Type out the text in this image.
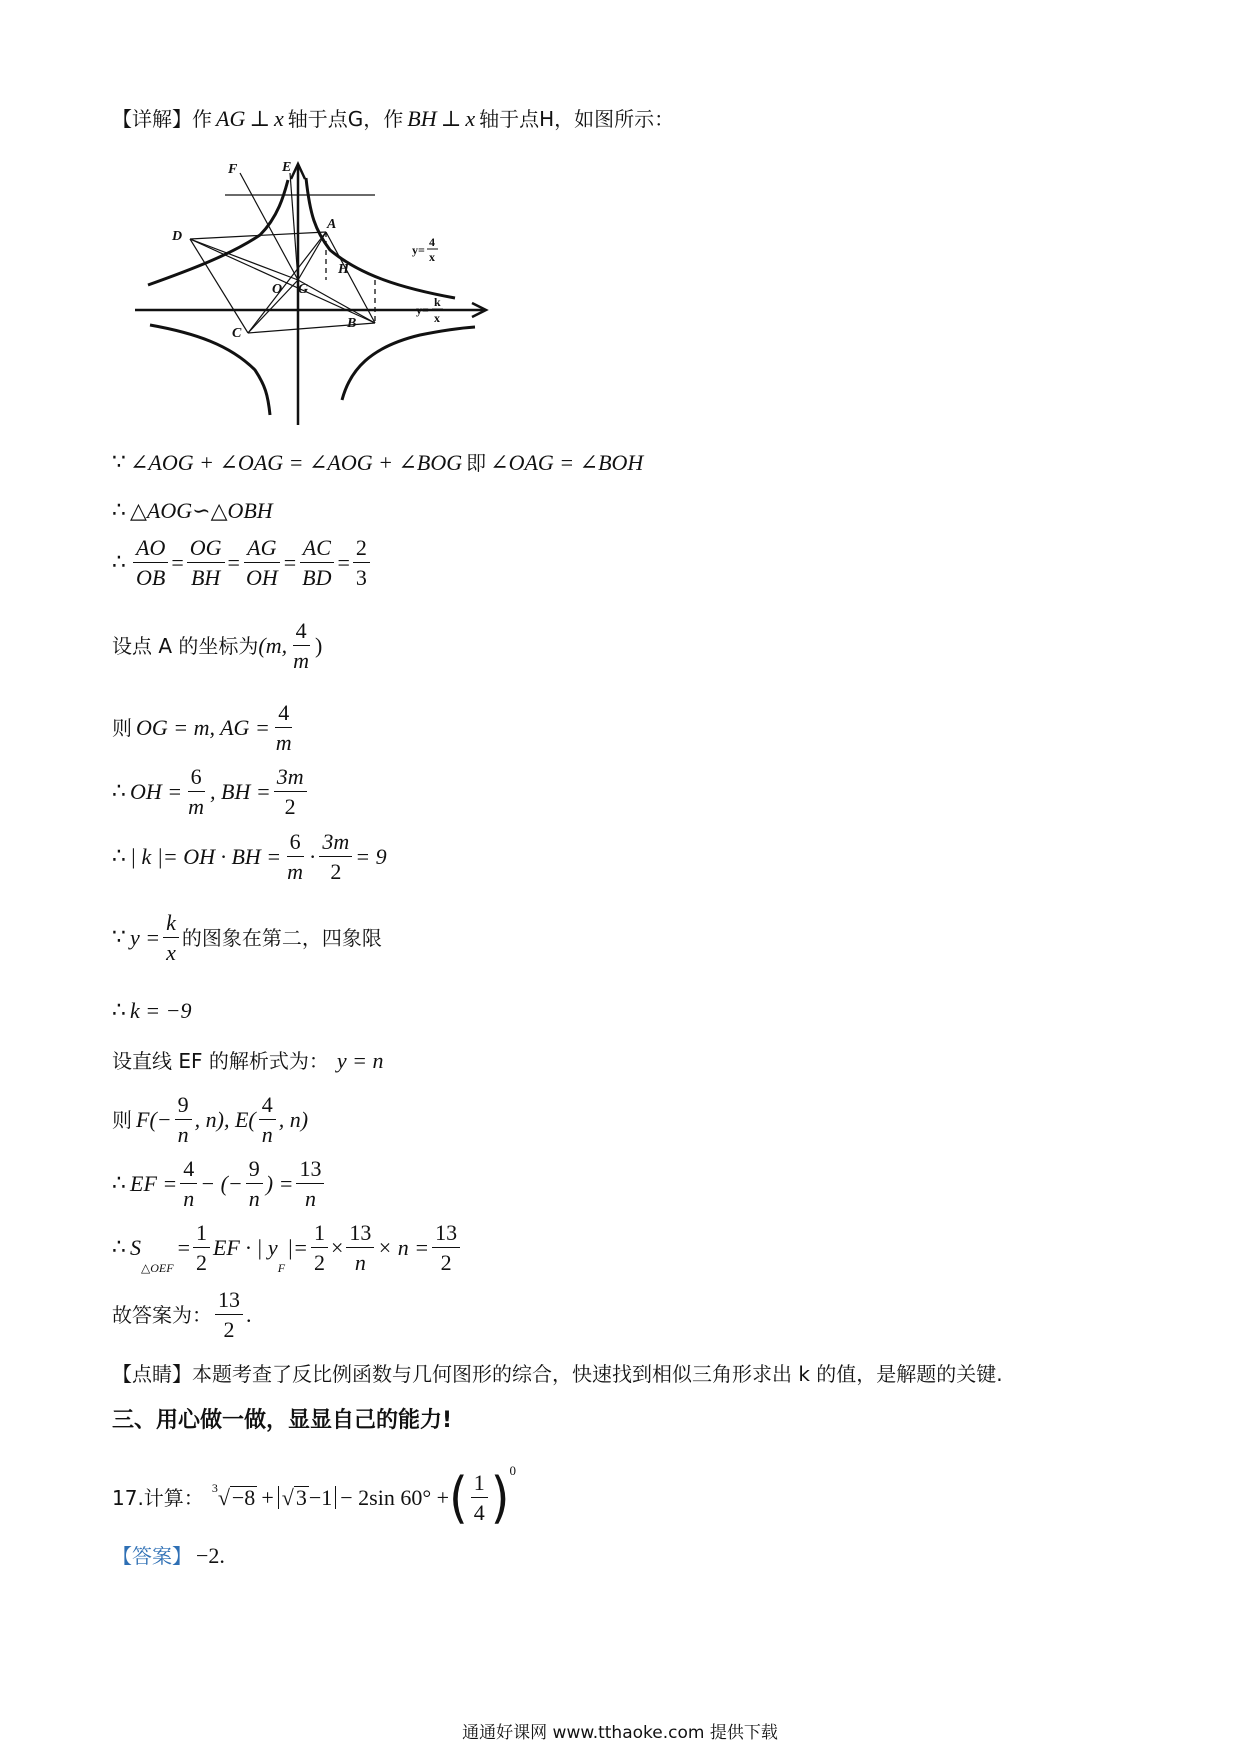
【详解】 作 AG ⊥ x 轴于点G，作 BH ⊥ x 轴于点H，如图所示：
F	E
A
D
O G
H
B
C
y=
4
x
y=
k
x
∵ ∠AOG + ∠OAG = ∠AOG + ∠BOG 即 ∠OAG = ∠BOH
∴ △AOG∽△OBH
∴ $\frac{AO}{OB} = \frac{OG}{BH} = \frac{AG}{OH} = \frac{AC}{BD} = \frac{2}{3}$
设点 A 的坐标为 (m, $\frac{4}{m}$ )
则 OG = m, AG = $\frac{4}{m}$
∴ OH = $\frac{6}{m}$ , BH = $\frac{3m}{2}$
∴ | k |= OH · BH = $\frac{6}{m} \cdot \frac{3m}{2} = 9$
∵ $y = \frac{k}{x}$ 的图象在第二，四象限
∴ k = −9
设直线 EF 的解析式为： y = n
则 $F(- \frac{9}{n}$ , n), $E( \frac{4}{n}$ , n)
∴ EF = $\frac{4}{n}$ − (− $\frac{9}{n}$ ) = $\frac{13}{n}$
∴ S
△OEF
= $\frac{1}{2}$ EF · | y
F
|= $\frac{1}{2} \times \frac{13}{n} \times n = \frac{13}{2}$
故答案为： $\frac{13}{2}$ .
【点睛】 本题考查了反比例函数与几何图形的综合，快速找到相似三角形求出 k 的值，是解题的关键.
三、用心做一做，显显自己的能力!
17.计算： 3 √ −8 + √3−1 − 2sin 60° + ( $\frac{1}{4}$ ) 0
【答案】 −2.
通通好课网 www.tthaoke.com 提供下载
